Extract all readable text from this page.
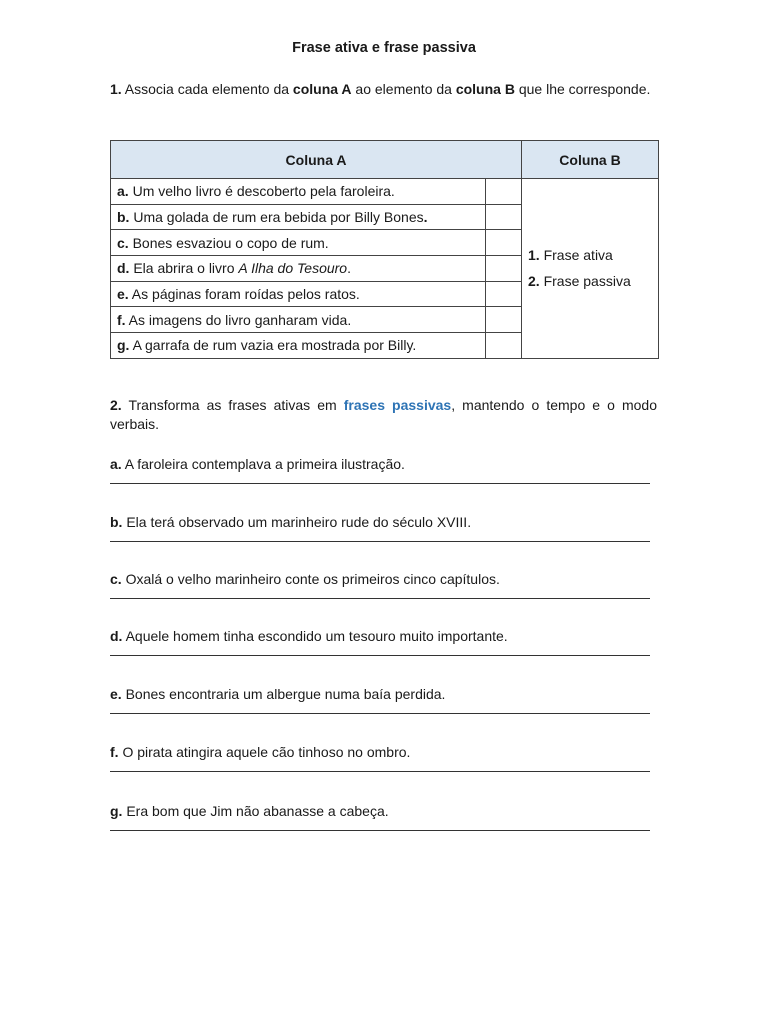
Frase ativa e frase passiva
1. Associa cada elemento da coluna A ao elemento da coluna B que lhe corresponde.
Coluna A		Coluna B
a. Um velho livro é descoberto pela faroleira.		1. Frase ativa
2. Frase passiva

b. Uma golada de rum era bebida por Billy Bones.		
c. Bones esvaziou o copo de rum.		
d. Ela abrira o livro A Ilha do Tesouro.		
e. As páginas foram roídas pelos ratos.		
f. As imagens do livro ganharam vida.		
g. A garrafa de rum vazia era mostrada por Billy.		
2. Transforma as frases ativas em frases passivas, mantendo o tempo e o modo verbais.
a. A faroleira contemplava a primeira ilustração.
b. Ela terá observado um marinheiro rude do século XVIII.
c. Oxalá o velho marinheiro conte os primeiros cinco capítulos.
d. Aquele homem tinha escondido um tesouro muito importante.
e. Bones encontraria um albergue numa baía perdida.
f. O pirata atingira aquele cão tinhoso no ombro.
g. Era bom que Jim não abanasse a cabeça.
